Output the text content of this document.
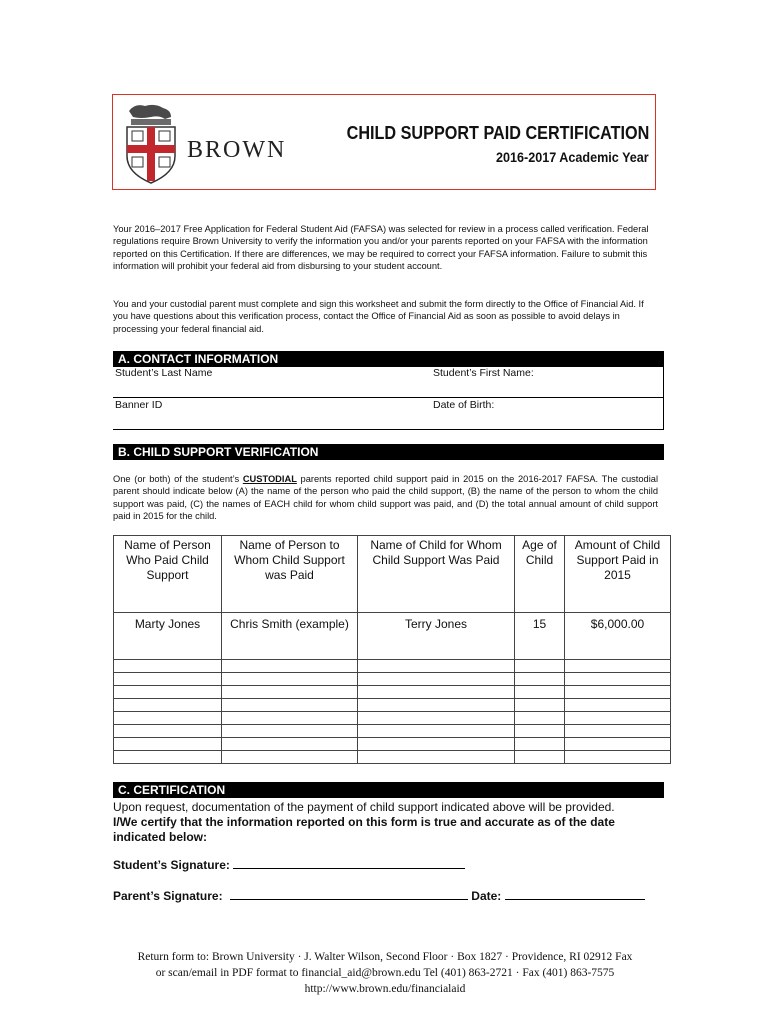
BROWN
CHILD SUPPORT PAID CERTIFICATION
2016-2017 Academic Year
Your 2016–2017 Free Application for Federal Student Aid (FAFSA) was selected for review in a process called verification. Federal regulations require Brown University to verify the information you and/or your parents reported on your FAFSA with the information reported on this Certification. If there are differences, we may be required to correct your FAFSA information. Failure to submit this information will prohibit your federal aid from disbursing to your student account.
You and your custodial parent must complete and sign this worksheet and submit the form directly to the Office of Financial Aid. If you have questions about this verification process, contact the Office of Financial Aid as soon as possible to avoid delays in processing your federal financial aid.
A. CONTACT INFORMATION
Student’s Last Name	Student’s First Name:
Banner ID	Date of Birth:
B. CHILD SUPPORT VERIFICATION
One (or both) of the student’s CUSTODIAL parents reported child support paid in 2015 on the 2016-2017 FAFSA. The custodial parent should indicate below (A) the name of the person who paid the child support, (B) the name of the person to whom the child support was paid, (C) the names of EACH child for whom child support was paid, and (D) the total annual amount of child support paid in 2015 for the child.
Name of Person Who Paid Child Support	Name of Person to Whom Child Support was Paid	Name of Child for Whom Child Support Was Paid	Age of Child	Amount of Child Support Paid in 2015
Marty Jones	Chris Smith (example)	Terry Jones	15	$6,000.00

C. CERTIFICATION
Upon request, documentation of the payment of child support indicated above will be provided.
I/We certify that the information reported on this form is true and accurate as of the date indicated below:
Student’s Signature:
Parent’s Signature:	Date:
Return form to: Brown University · J. Walter Wilson, Second Floor · Box 1827 · Providence, RI 02912 Fax
or scan/email in PDF format to financial_aid@brown.edu Tel (401) 863-2721 · Fax (401) 863-7575
http://www.brown.edu/financialaid
